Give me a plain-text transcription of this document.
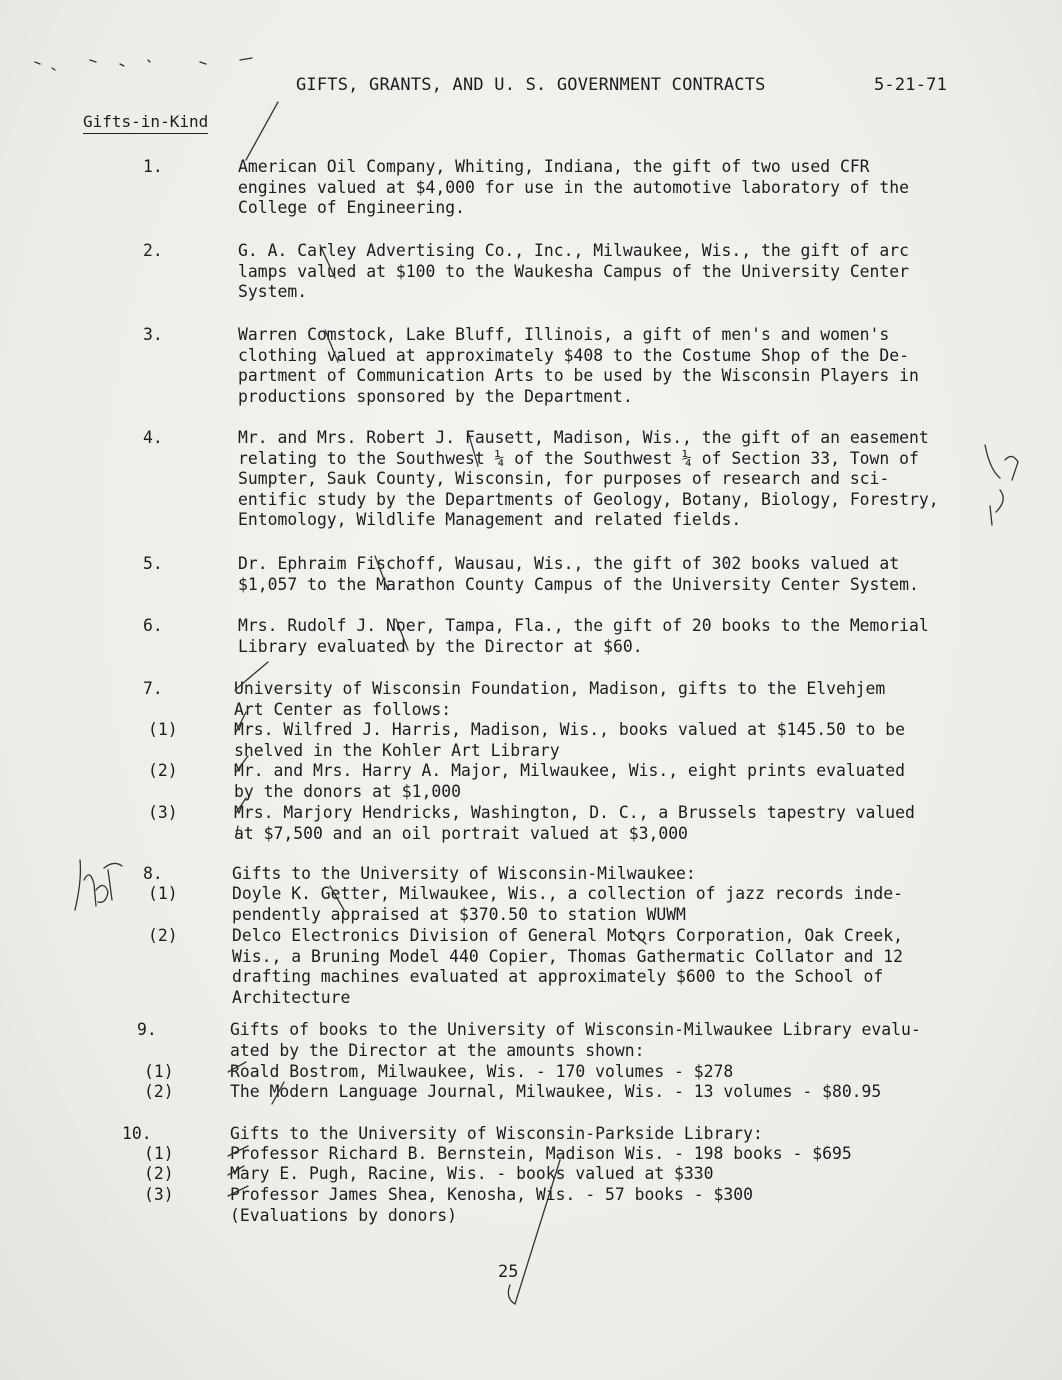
GIFTS, GRANTS, AND U. S. GOVERNMENT CONTRACTS	5-21-71
Gifts-in-Kind
1.	American Oil Company, Whiting, Indiana, the gift of two used CFR
engines valued at $4,000 for use in the automotive laboratory of the
College of Engineering.
2.	G. A. Carley Advertising Co., Inc., Milwaukee, Wis., the gift of arc
lamps valued at $100 to the Waukesha Campus of the University Center
System.
3.	Warren Comstock, Lake Bluff, Illinois, a gift of men's and women's
clothing valued at approximately $408 to the Costume Shop of the De-
partment of Communication Arts to be used by the Wisconsin Players in
productions sponsored by the Department.
4.	Mr. and Mrs. Robert J. Fausett, Madison, Wis., the gift of an easement
relating to the Southwest ¼ of the Southwest ¼ of Section 33, Town of
Sumpter, Sauk County, Wisconsin, for purposes of research and sci-
entific study by the Departments of Geology, Botany, Biology, Forestry,
Entomology, Wildlife Management and related fields.
5.	Dr. Ephraim Fischoff, Wausau, Wis., the gift of 302 books valued at
$1,057 to the Marathon County Campus of the University Center System.
6.	Mrs. Rudolf J. Noer, Tampa, Fla., the gift of 20 books to the Memorial
Library evaluated by the Director at $60.
7.	University of Wisconsin Foundation, Madison, gifts to the Elvehjem
Art Center as follows:
(1)	Mrs. Wilfred J. Harris, Madison, Wis., books valued at $145.50 to be
shelved in the Kohler Art Library
(2)	Mr. and Mrs. Harry A. Major, Milwaukee, Wis., eight prints evaluated
by the donors at $1,000
(3)	Mrs. Marjory Hendricks, Washington, D. C., a Brussels tapestry valued
at $7,500 and an oil portrait valued at $3,000
8.	Gifts to the University of Wisconsin-Milwaukee:
(1)	Doyle K. Getter, Milwaukee, Wis., a collection of jazz records inde-
pendently appraised at $370.50 to station WUWM
(2)	Delco Electronics Division of General Motors Corporation, Oak Creek,
Wis., a Bruning Model 440 Copier, Thomas Gathermatic Collator and 12
drafting machines evaluated at approximately $600 to the School of
Architecture
9.	Gifts of books to the University of Wisconsin-Milwaukee Library evalu-
ated by the Director at the amounts shown:
(1)	Roald Bostrom, Milwaukee, Wis. - 170 volumes - $278
(2)	The Modern Language Journal, Milwaukee, Wis. - 13 volumes - $80.95
10.	Gifts to the University of Wisconsin-Parkside Library:
(1)	Professor Richard B. Bernstein, Madison Wis. - 198 books - $695
(2)	Mary E. Pugh, Racine, Wis. - books valued at $330
(3)	Professor James Shea, Kenosha, Wis. - 57 books - $300
(Evaluations by donors)
25
